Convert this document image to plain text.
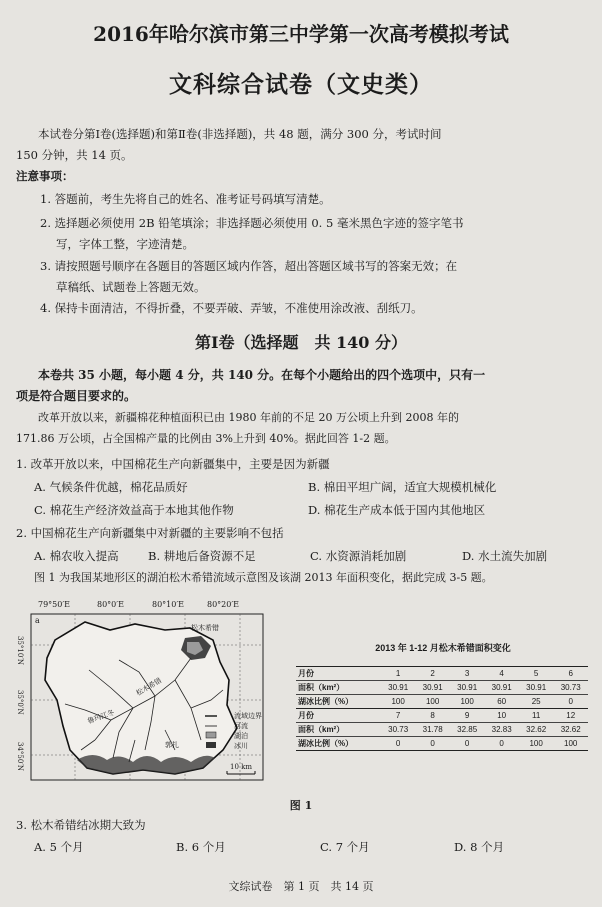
2016年哈尔滨市第三中学第一次高考模拟考试
文科综合试卷（文史类）
本试卷分第Ⅰ卷(选择题)和第Ⅱ卷(非选择题)，共 48 题，满分 300 分，考试时间
150 分钟，共 14 页。
注意事项：
1. 答题前，考生先将自己的姓名、准考证号码填写清楚。
2. 选择题必须使用 2B 铅笔填涂；非选择题必须使用 0. 5 毫米黑色字迹的签字笔书
写，字体工整，字迹清楚。
3. 请按照题号顺序在各题目的答题区域内作答，超出答题区域书写的答案无效；在
草稿纸、试题卷上答题无效。
4. 保持卡面清洁，不得折叠，不要弄破、弄皱，不准使用涂改液、刮纸刀。
第Ⅰ卷（选择题　共 140 分）
本卷共 35 小题，每小题 4 分，共 140 分。在每个小题给出的四个选项中，只有一
项是符合题目要求的。
改革开放以来，新疆棉花种植面积已由 1980 年前的不足 20 万公顷上升到 2008 年的
171.86 万公顷，占全国棉产量的比例由 3%上升到 40%。据此回答 1-2 题。
1. 改革开放以来，中国棉花生产向新疆集中，主要是因为新疆
A. 气候条件优越，棉花品质好	B. 棉田平坦广阔，适宜大规模机械化
C. 棉花生产经济效益高于本地其他作物	D. 棉花生产成本低于国内其他地区
2. 中国棉花生产向新疆集中对新疆的主要影响不包括
A. 棉农收入提高	B. 耕地后备资源不足	C. 水资源消耗加剧	D. 水土流失加剧
图 1 为我国某地形区的湖泊松木希错流域示意图及该湖 2013 年面积变化，据此完成 3-5 题。
79°50′E	80°0′E	80°10′E	80°20′E
35°10′N
35°0′N
34°50′N
a
松木希错
松木希错
鲁玛江冬
郭扎
流域边界
河流
湖泊
冰川
10 km
2013 年 1-12 月松木希错面积变化
月份	1	2	3	4	5	6
面积（km²）	30.91	30.91	30.91	30.91	30.91	30.73
湖冰比例（%）	100	100	100	60	25	0
月份	7	8	9	10	11	12
面积（km²）	30.73	31.78	32.85	32.83	32.62	32.62
湖冰比例（%）	0	0	0	0	100	100
图 1
3. 松木希错结冰期大致为
A. 5 个月	B. 6 个月	C. 7 个月	D. 8 个月
文综试卷　第 1 页　共 14 页
